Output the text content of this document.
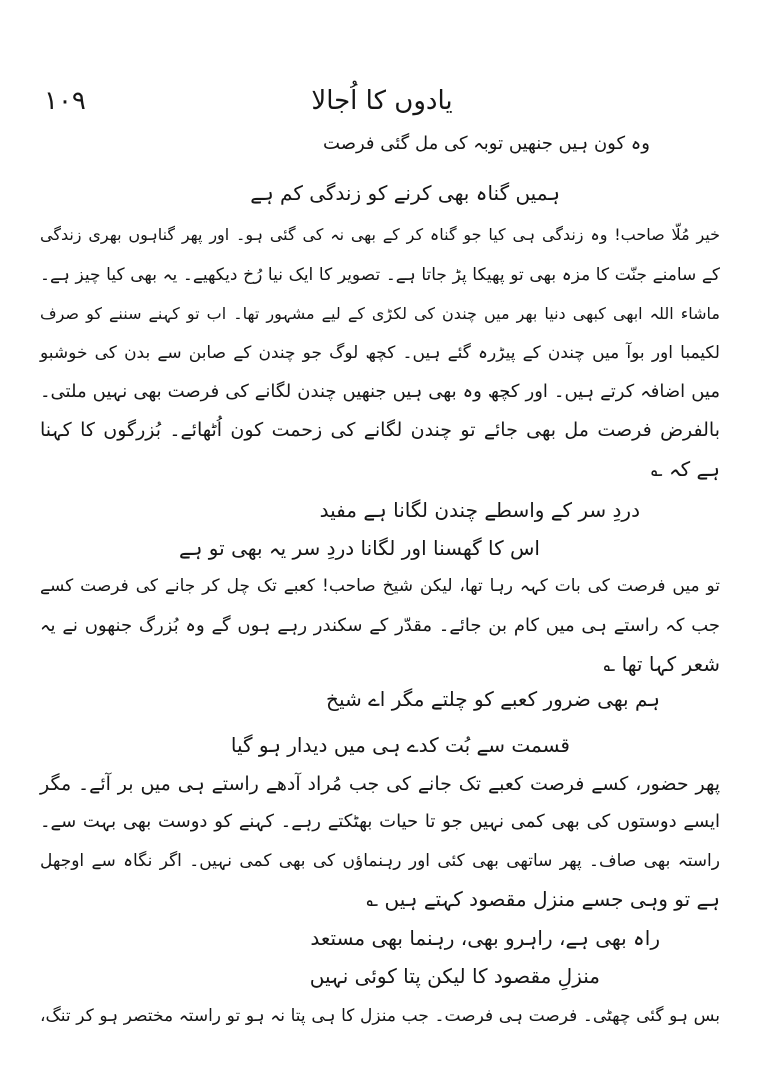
۱۰۹	یادوں کا اُجالا
وہ کون ہیں جنھیں توبہ کی مل گئی فرصت
ہمیں گناہ بھی کرنے کو زندگی کم ہے
خیر مُلّا صاحب! وہ زندگی ہی کیا جو گناہ کر کے بھی نہ کی گئی ہو۔ اور پھر گناہوں بھری زندگی
کے سامنے جنّت کا مزہ بھی تو پھیکا پڑ جاتا ہے۔ تصویر کا ایک نیا رُخ دیکھیے۔ یہ بھی کیا چیز ہے۔
ماشاء اللہ ابھی کبھی دنیا بھر میں چندن کی لکڑی کے لیے مشہور تھا۔ اب تو کہنے سننے کو صرف
لکیمبا اور بوآ میں چندن کے پیڑرہ گئے ہیں۔ کچھ لوگ جو چندن کے صابن سے بدن کی خوشبو
میں اضافہ کرتے ہیں۔ اور کچھ وہ بھی ہیں جنھیں چندن لگانے کی فرصت بھی نہیں ملتی۔
بالفرض فرصت مل بھی جائے تو چندن لگانے کی زحمت کون اُٹھائے۔ بُزرگوں کا کہنا
ہے کہ ؎
دردِ سر کے واسطے چندن لگانا ہے مفید
اس کا گھسنا اور لگانا دردِ سر یہ بھی تو ہے
تو میں فرصت کی بات کہہ رہا تھا، لیکن شیخ صاحب! کعبے تک چل کر جانے کی فرصت کسے
جب کہ راستے ہی میں کام بن جائے۔ مقدّر کے سکندر رہے ہوں گے وہ بُزرگ جنھوں نے یہ
شعر کہا تھا ؎
ہم بھی ضرور کعبے کو چلتے مگر اے شیخ
قسمت سے بُت کدے ہی میں دیدار ہو گیا
پھر حضور، کسے فرصت کعبے تک جانے کی جب مُراد آدھے راستے ہی میں بر آئے۔ مگر
ایسے دوستوں کی بھی کمی نہیں جو تا حیات بھٹکتے رہے۔ کہنے کو دوست بھی بہت سے۔
راستہ بھی صاف۔ پھر ساتھی بھی کئی اور رہنماؤں کی بھی کمی نہیں۔ اگر نگاہ سے اوجھل
ہے تو وہی جسے منزل مقصود کہتے ہیں ؎
راہ بھی ہے، راہرو بھی، رہنما بھی مستعد
منزلِ مقصود کا لیکن پتا کوئی نہیں
بس ہو گئی چھٹی۔ فرصت ہی فرصت۔ جب منزل کا ہی پتا نہ ہو تو راستہ مختصر ہو کر تنگ،
